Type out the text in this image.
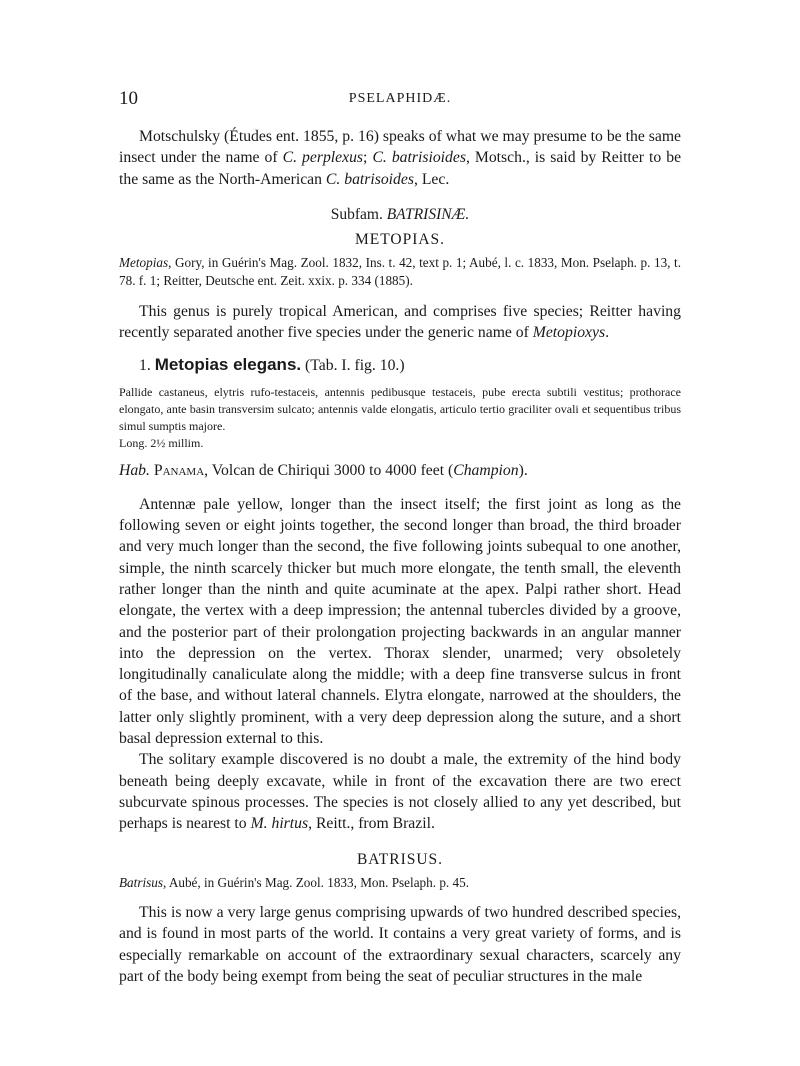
10	PSELAPHIDÆ.

Motschulsky (Études ent. 1855, p. 16) speaks of what we may presume to be the same insect under the name of C. perplexus; C. batrisioides, Motsch., is said by Reitter to be the same as the North-American C. batrisoides, Lec.

Subfam. BATRISINÆ.

METOPIAS.

Metopias, Gory, in Guérin's Mag. Zool. 1832, Ins. t. 42, text p. 1; Aubé, l. c. 1833, Mon. Pselaph. p. 13, t. 78. f. 1; Reitter, Deutsche ent. Zeit. xxix. p. 334 (1885).

This genus is purely tropical American, and comprises five species; Reitter having recently separated another five species under the generic name of Metopioxys.

1. Metopias elegans. (Tab. I. fig. 10.)

Pallide castaneus, elytris rufo-testaceis, antennis pedibusque testaceis, pube erecta subtili vestitus; prothorace elongato, ante basin transversim sulcato; antennis valde elongatis, articulo tertio graciliter ovali et sequentibus tribus simul sumptis majore.

Long. 2½ millim.

Hab. Panama, Volcan de Chiriqui 3000 to 4000 feet (Champion).

Antennæ pale yellow, longer than the insect itself; the first joint as long as the following seven or eight joints together, the second longer than broad, the third broader and very much longer than the second, the five following joints subequal to one another, simple, the ninth scarcely thicker but much more elongate, the tenth small, the eleventh rather longer than the ninth and quite acuminate at the apex. Palpi rather short. Head elongate, the vertex with a deep impression; the antennal tubercles divided by a groove, and the posterior part of their prolongation projecting backwards in an angular manner into the depression on the vertex. Thorax slender, unarmed; very obsoletely longitudinally canaliculate along the middle; with a deep fine transverse sulcus in front of the base, and without lateral channels. Elytra elongate, narrowed at the shoulders, the latter only slightly prominent, with a very deep depression along the suture, and a short basal depression external to this.

The solitary example discovered is no doubt a male, the extremity of the hind body beneath being deeply excavate, while in front of the excavation there are two erect subcurvate spinous processes. The species is not closely allied to any yet described, but perhaps is nearest to M. hirtus, Reitt., from Brazil.

BATRISUS.

Batrisus, Aubé, in Guérin's Mag. Zool. 1833, Mon. Pselaph. p. 45.

This is now a very large genus comprising upwards of two hundred described species, and is found in most parts of the world. It contains a very great variety of forms, and is especially remarkable on account of the extraordinary sexual characters, scarcely any part of the body being exempt from being the seat of peculiar structures in the male
